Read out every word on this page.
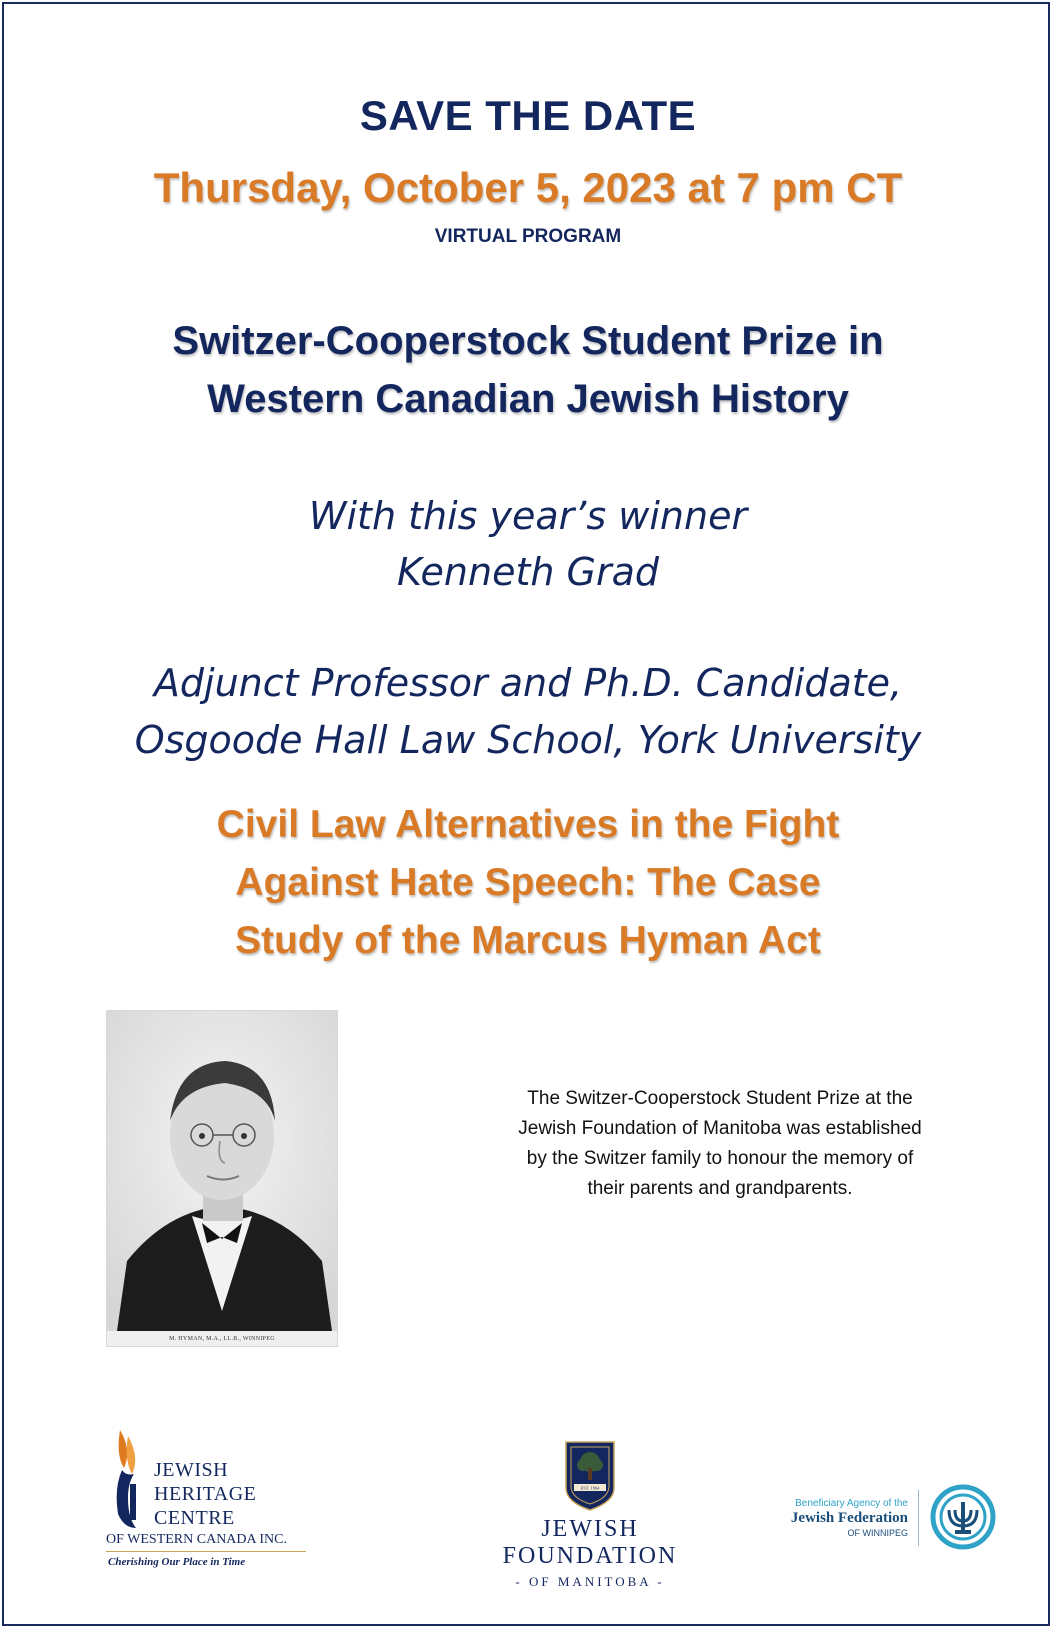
SAVE THE DATE
Thursday, October 5, 2023 at 7 pm CT
VIRTUAL PROGRAM
Switzer-Cooperstock Student Prize in
Western Canadian Jewish History
With this year’s winner
Kenneth Grad
Adjunct Professor and Ph.D. Candidate,
Osgoode Hall Law School, York University
Civil Law Alternatives in the Fight
Against Hate Speech: The Case
Study of the Marcus Hyman Act
M. HYMAN, M.A., LL.B., WINNIPEG
The Switzer-Cooperstock Student Prize at the
Jewish Foundation of Manitoba was established
by the Switzer family to honour the memory of
their parents and grandparents.
JEWISH
HERITAGE
CENTRE
OF WESTERN CANADA INC.
Cherishing Our Place in Time
EST. 1964
JEWISH
FOUNDATION
- OF MANITOBA -
Beneficiary Agency of the
Jewish Federation
OF WINNIPEG
